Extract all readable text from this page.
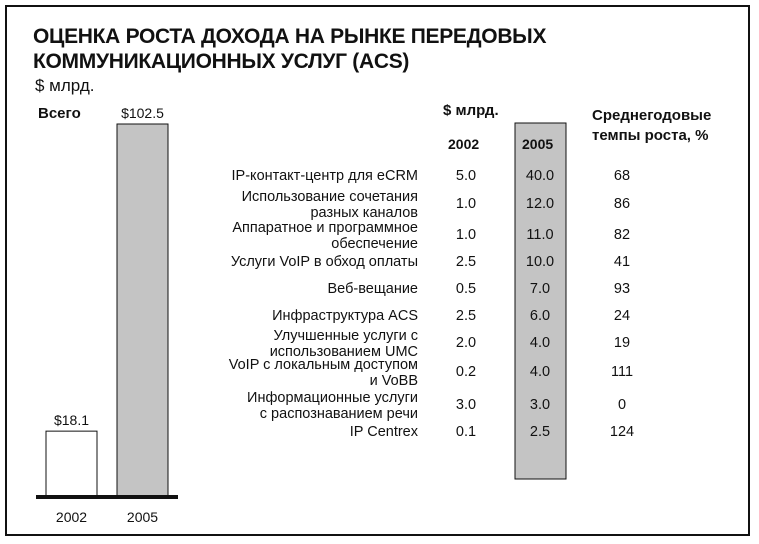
ОЦЕНКА РОСТА ДОХОДА НА РЫНКЕ ПЕРЕДОВЫХ
КОММУНИКАЦИОННЫХ УСЛУГ (ACS)
$ млрд.
Всего
$18.1
2002
$102.5
2005
$ млрд.
2002	2005
Среднегодовые
темпы роста, %
IP-контакт-центр для eCRM	5.0	40.0	68
Использование сочетания
разных каналов
1.0	12.0	86
Аппаратное и программное
обеспечение
1.0	11.0	82
Услуги VoIP в обход оплаты	2.5	10.0	41
Веб-вещание	0.5	7.0	93
Инфраструктура ACS	2.5	6.0	24
Улучшенные услуги с
использованием UMC
2.0	4.0	19
VoIP с локальным доступом
и VoBB
0.2	4.0	111
Информационные услуги
с распознаванием речи
3.0	3.0	0
IP Centrex	0.1	2.5	124
